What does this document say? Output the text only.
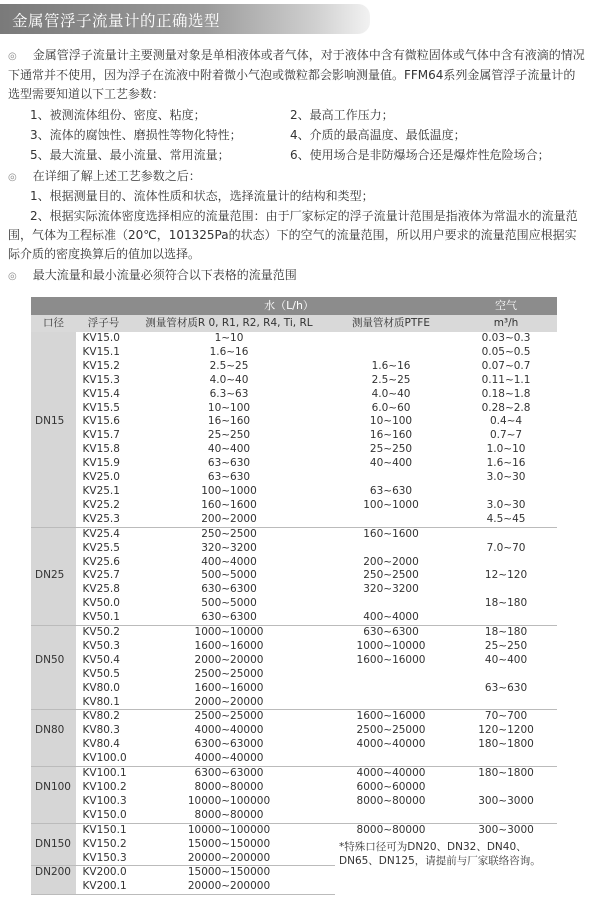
金属管浮子流量计的正确选型
◎ 金属管浮子流量计主要测量对象是单相液体或者气体，对于液体中含有微粒固体或气体中含有液滴的情况下通常并不使用，因为浮子在流液中附着微小气泡或微粒都会影响测量值。FFM64系列金属管浮子流量计的选型需要知道以下工艺参数：
1、被测流体组份、密度、粘度；	2、最高工作压力；
3、流体的腐蚀性、磨损性等物化特性；	4、介质的最高温度、最低温度；
5、最大流量、最小流量、常用流量；	6、使用场合是非防爆场合还是爆炸性危险场合；
◎ 在详细了解上述工艺参数之后：
1、根据测量目的、流体性质和状态，选择流量计的结构和类型；
2、根据实际流体密度选择相应的流量范围：由于厂家标定的浮子流量计范围是指液体为常温水的流量范围，气体为工程标准（20℃，101325Pa的状态）下的空气的流量范围，所以用户要求的流量范围应根据实际介质的密度换算后的值加以选择。
◎ 最大流量和最小流量必须符合以下表格的流量范围
		水（L/h）				空气
口径	浮子号	测量管材质R 0, R1, R2, R4, Ti, RL		测量管材质PTFE		m³/h
	KV15.0	1~10				0.03~0.3
	KV15.1	1.6~16				0.05~0.5
	KV15.2	2.5~25		1.6~16		0.07~0.7
	KV15.3	4.0~40		2.5~25		0.11~1.1
	KV15.4	6.3~63		4.0~40		0.18~1.8
	KV15.5	10~100		6.0~60		0.28~2.8
DN15	KV15.6	16~160		10~100		0.4~4
	KV15.7	25~250		16~160		0.7~7
	KV15.8	40~400		25~250		1.0~10
	KV15.9	63~630		40~400		1.6~16
	KV25.0	63~630				3.0~30
	KV25.1	100~1000		63~630		
	KV25.2	160~1600		100~1000		3.0~30
	KV25.3	200~2000				4.5~45
	KV25.4	250~2500		160~1600		
	KV25.5	320~3200				7.0~70
	KV25.6	400~4000		200~2000		
DN25	KV25.7	500~5000		250~2500		12~120
	KV25.8	630~6300		320~3200		
	KV50.0	500~5000				18~180
	KV50.1	630~6300		400~4000		
	KV50.2	1000~10000		630~6300		18~180
	KV50.3	1600~16000		1000~10000		25~250
DN50	KV50.4	2000~20000		1600~16000		40~400
	KV50.5	2500~25000				
	KV80.0	1600~16000				63~630
	KV80.1	2000~20000				
	KV80.2	2500~25000		1600~16000		70~700
DN80	KV80.3	4000~40000		2500~25000		120~1200
	KV80.4	6300~63000		4000~40000		180~1800
	KV100.0	4000~40000				
	KV100.1	6300~63000		4000~40000		180~1800
DN100	KV100.2	8000~80000		6000~60000		
	KV100.3	10000~100000		8000~80000		300~3000
	KV150.0	8000~80000				
	KV150.1	10000~100000		8000~80000		300~3000
DN150	KV150.2	15000~150000		*特殊口径可为DN20、DN32、DN40、DN65、DN125，请提前与厂家联络咨询。		
	KV150.3	20000~200000				
DN200	KV200.0	15000~150000				
	KV200.1	20000~200000				
